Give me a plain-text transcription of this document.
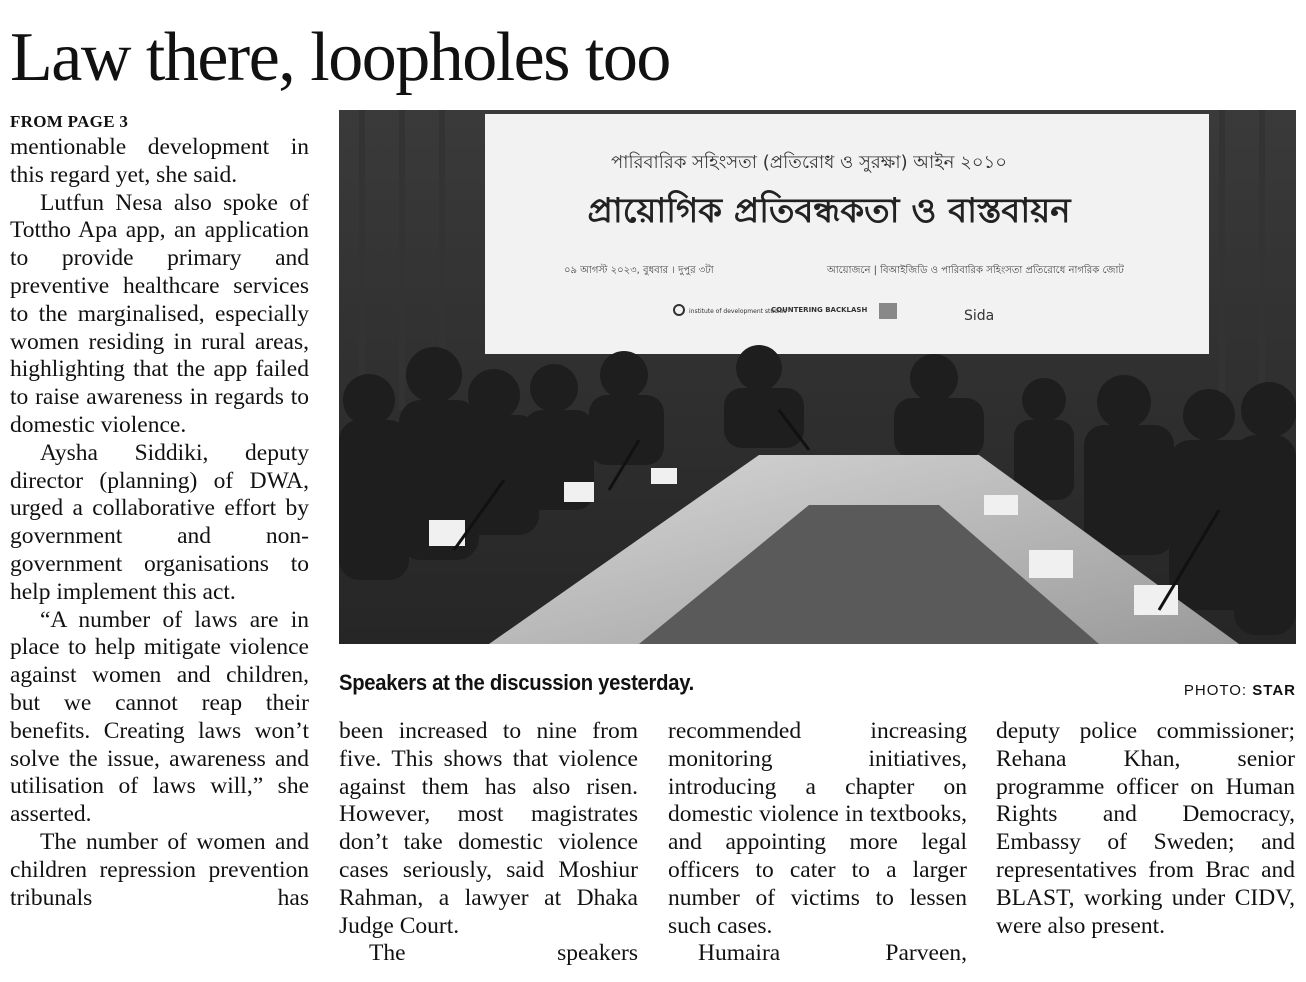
Law there, loopholes too
FROM PAGE 3

mentionable development in this regard yet, she said.

Lutfun Nesa also spoke of Tottho Apa app, an application to provide primary and preventive healthcare services to the marginalised, especially women residing in rural areas, highlighting that the app failed to raise awareness in regards to domestic violence.

Aysha Siddiki, deputy director (planning) of DWA, urged a collaborative effort by government and non-government organisations to help implement this act.

“A number of laws are in place to help mitigate violence against women and children, but we cannot reap their benefits. Creating laws won’t solve the issue, awareness and utilisation of laws will,” she asserted.

The number of women and children repression prevention tribunals has

পারিবারিক সহিংসতা (প্রতিরোধ ও সুরক্ষা) আইন ২০১০
প্রায়োগিক প্রতিবন্ধকতা ও বাস্তবায়ন
০৯ আগস্ট ২০২৩, বুধবার । দুপুর ৩টা	আয়োজনে | বিআইজিডি ও পারিবারিক সহিংসতা প্রতিরোধে নাগরিক জোট
institute of development studies
COUNTERING BACKLASH	Sida
Speakers at the discussion yesterday.	PHOTO: STAR

been increased to nine from five. This shows that violence against them has also risen. However, most magistrates don’t take domestic violence cases seriously, said Moshiur Rahman, a lawyer at Dhaka Judge Court.

The speakers

recommended increasing monitoring initiatives, introducing a chapter on domestic violence in textbooks, and appointing more legal officers to cater to a larger number of victims to lessen such cases.

Humaira Parveen,

deputy police commissioner; Rehana Khan, senior programme officer on Human Rights and Democracy, Embassy of Sweden; and representatives from Brac and BLAST, working under CIDV, were also present.
